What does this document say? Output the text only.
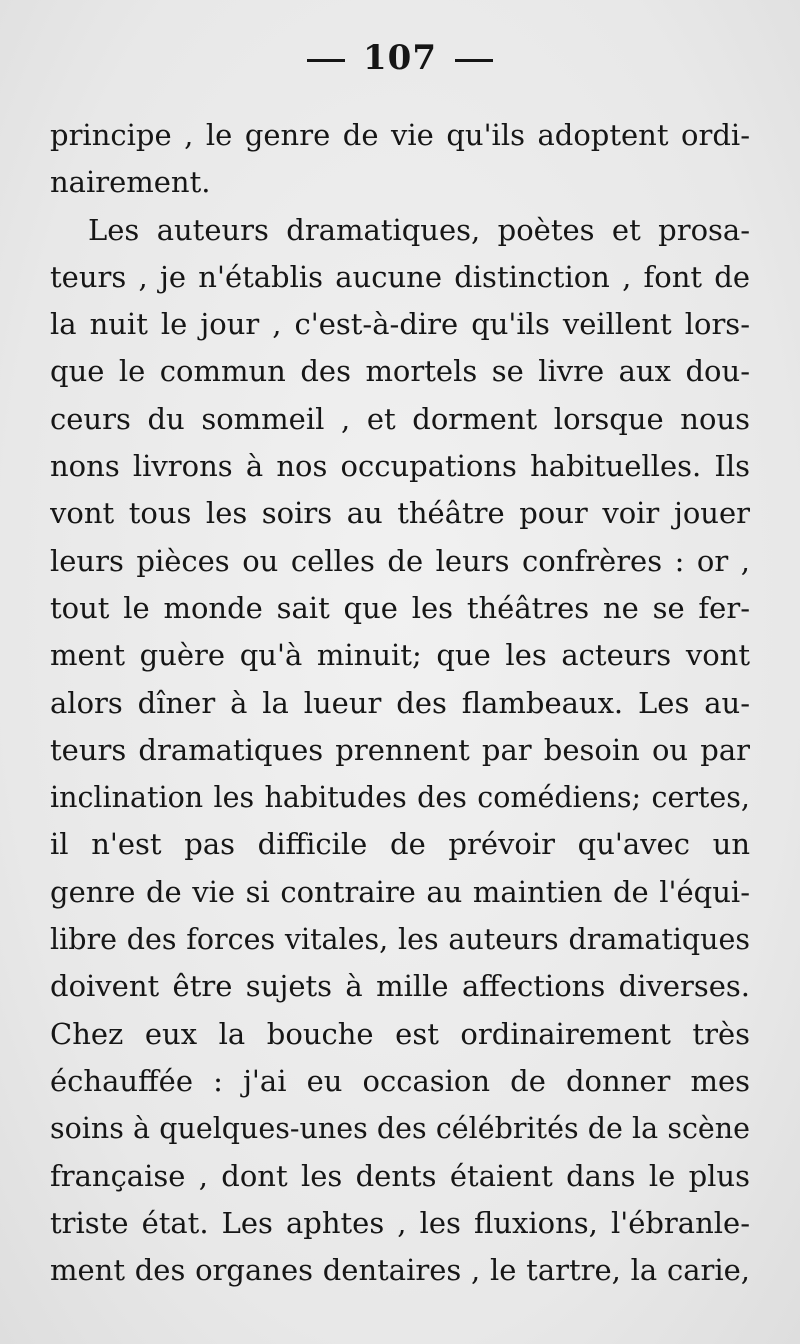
107
principe , le genre de vie qu'ils adoptent ordi-
nairement.
Les auteurs dramatiques, poètes et prosa-
teurs , je n'établis aucune distinction , font de
la nuit le jour , c'est-à-dire qu'ils veillent lors-
que le commun des mortels se livre aux dou-
ceurs du sommeil , et dorment lorsque nous
nons livrons à nos occupations habituelles. Ils
vont tous les soirs au théâtre pour voir jouer
leurs pièces ou celles de leurs confrères : or ,
tout le monde sait que les théâtres ne se fer-
ment guère qu'à minuit; que les acteurs vont
alors dîner à la lueur des flambeaux. Les au-
teurs dramatiques prennent par besoin ou par
inclination les habitudes des comédiens; certes,
il n'est pas difficile de prévoir qu'avec un
genre de vie si contraire au maintien de l'équi-
libre des forces vitales, les auteurs dramatiques
doivent être sujets à mille affections diverses.
Chez eux la bouche est ordinairement très
échauffée : j'ai eu occasion de donner mes
soins à quelques-unes des célébrités de la scène
française , dont les dents étaient dans le plus
triste état. Les aphtes , les fluxions, l'ébranle-
ment des organes dentaires , le tartre, la carie,
